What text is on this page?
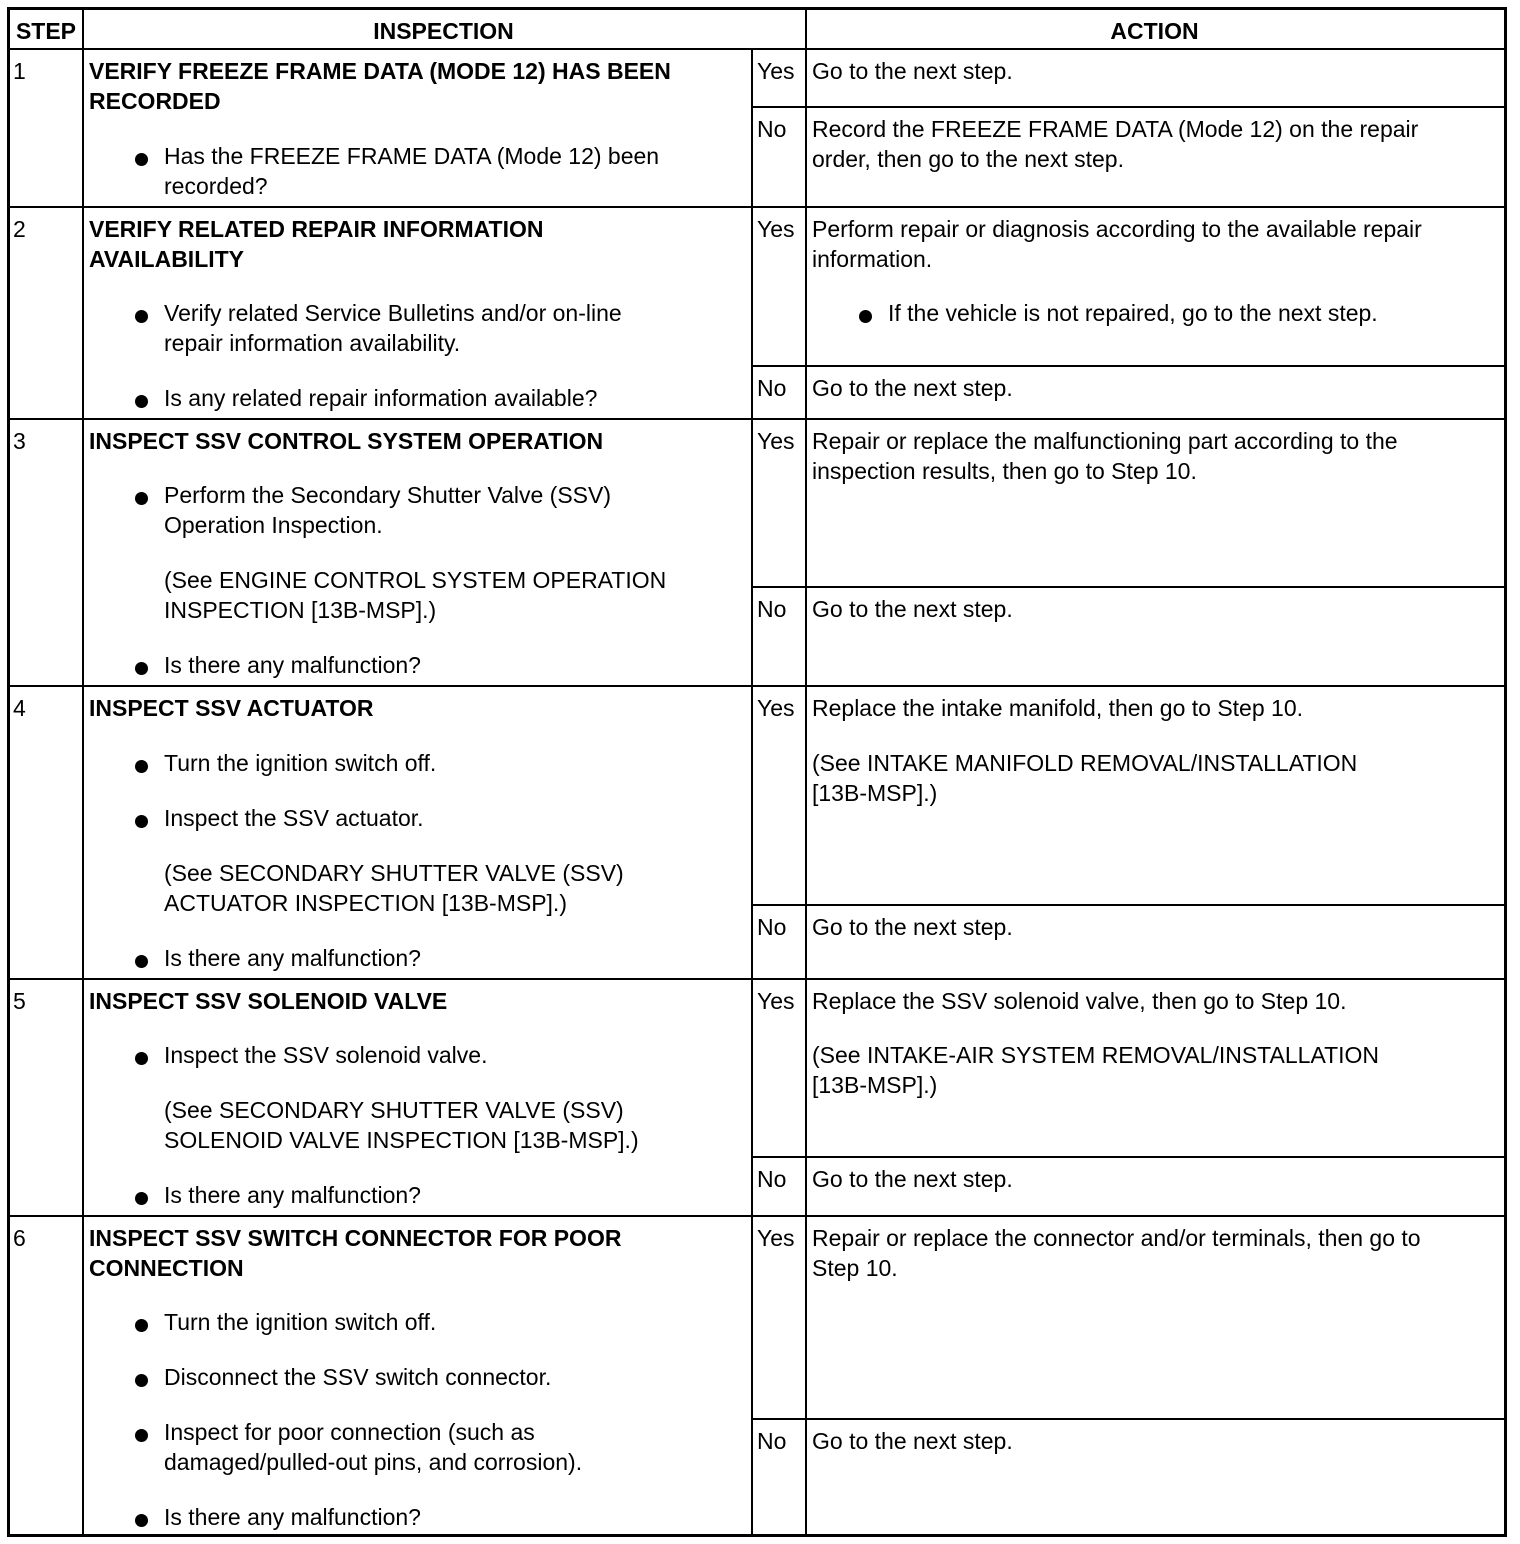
STEP	INSPECTION	ACTION
1	VERIFY FREEZE FRAME DATA (MODE 12) HAS BEEN
RECORDED
Has the FREEZE FRAME DATA (Mode 12) been
recorded?
Yes Go to the next step.
No Record the FREEZE FRAME DATA (Mode 12) on the repair
order, then go to the next step.
2	VERIFY RELATED REPAIR INFORMATION
AVAILABILITY
Verify related Service Bulletins and/or on-line
repair information availability.
Is any related repair information available?
Yes Perform repair or diagnosis according to the available repair
information.
If the vehicle is not repaired, go to the next step.
No Go to the next step.
3	INSPECT SSV CONTROL SYSTEM OPERATION
Perform the Secondary Shutter Valve (SSV)
Operation Inspection.
(See ENGINE CONTROL SYSTEM OPERATION
INSPECTION [13B-MSP].)
Is there any malfunction?
Yes Repair or replace the malfunctioning part according to the
inspection results, then go to Step 10.
No Go to the next step.
4	INSPECT SSV ACTUATOR
Turn the ignition switch off.
Inspect the SSV actuator.
(See SECONDARY SHUTTER VALVE (SSV)
ACTUATOR INSPECTION [13B-MSP].)
Is there any malfunction?
Yes Replace the intake manifold, then go to Step 10.
(See INTAKE MANIFOLD REMOVAL/INSTALLATION
[13B-MSP].)
No Go to the next step.
5	INSPECT SSV SOLENOID VALVE
Inspect the SSV solenoid valve.
(See SECONDARY SHUTTER VALVE (SSV)
SOLENOID VALVE INSPECTION [13B-MSP].)
Is there any malfunction?
Yes Replace the SSV solenoid valve, then go to Step 10.
(See INTAKE-AIR SYSTEM REMOVAL/INSTALLATION
[13B-MSP].)
No Go to the next step.
6	INSPECT SSV SWITCH CONNECTOR FOR POOR
CONNECTION
Turn the ignition switch off.
Disconnect the SSV switch connector.
Inspect for poor connection (such as
damaged/pulled-out pins, and corrosion).
Is there any malfunction?
Yes Repair or replace the connector and/or terminals, then go to
Step 10.
No Go to the next step.
